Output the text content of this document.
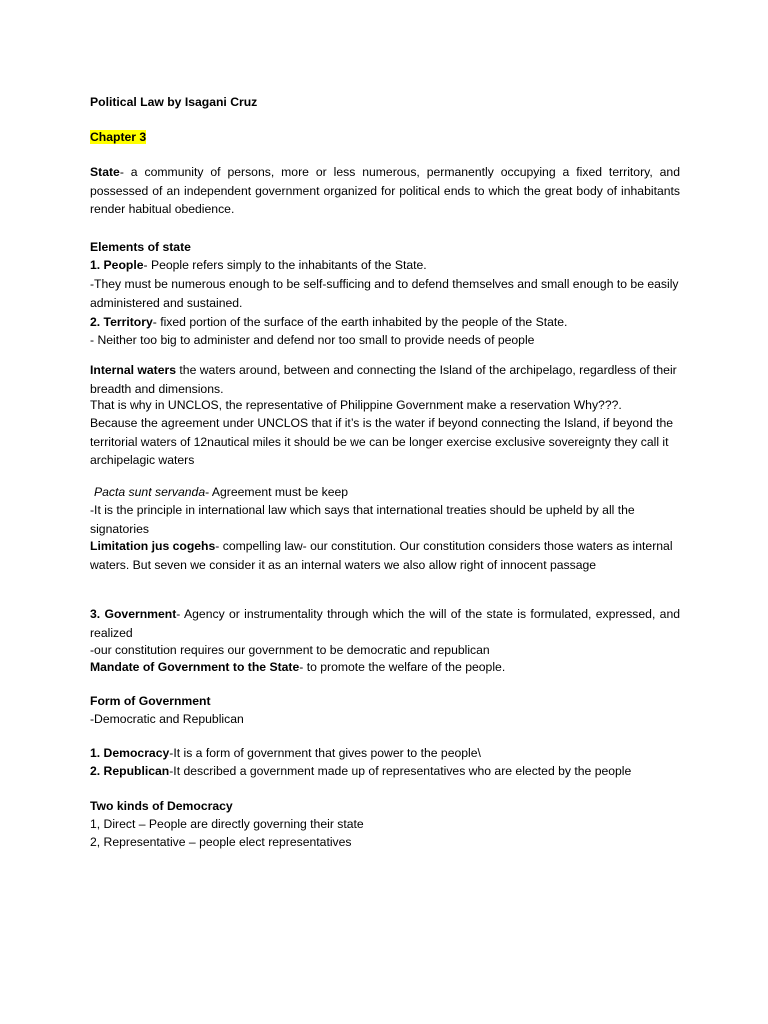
Political Law by Isagani Cruz

Chapter 3

State- a community of persons, more or less numerous, permanently occupying a fixed territory, and possessed of an independent government organized for political ends to which the great body of inhabitants render habitual obedience.

Elements of state

1. People- People refers simply to the inhabitants of the State.

-They must be numerous enough to be self-sufficing and to defend themselves and small enough to be easily administered and sustained.

2. Territory- fixed portion of the surface of the earth inhabited by the people of the State.

- Neither too big to administer and defend nor too small to provide needs of people

Internal waters the waters around, between and connecting the Island of the archipelago, regardless of their breadth and dimensions.

That is why in UNCLOS, the representative of Philippine Government make a reservation Why???.

Because the agreement under UNCLOS that if it’s is the water if beyond connecting the Island, if beyond the territorial waters of 12nautical miles it should be we can be longer exercise exclusive sovereignty they call it archipelagic waters

Pacta sunt servanda- Agreement must be keep

-It is the principle in international law which says that international treaties should be upheld by all the signatories

Limitation jus cogehs- compelling law- our constitution. Our constitution considers those waters as internal waters. But seven we consider it as an internal waters we also allow right of innocent passage

3. Government- Agency or instrumentality through which the will of the state is formulated, expressed, and realized

-our constitution requires our government to be democratic and republican

Mandate of Government to the State- to promote the welfare of the people.

Form of Government

-Democratic and Republican

1. Democracy-It is a form of government that gives power to the people\

2. Republican-It described a government made up of representatives who are elected by the people

Two kinds of Democracy

1, Direct – People are directly governing their state

2, Representative – people elect representatives
